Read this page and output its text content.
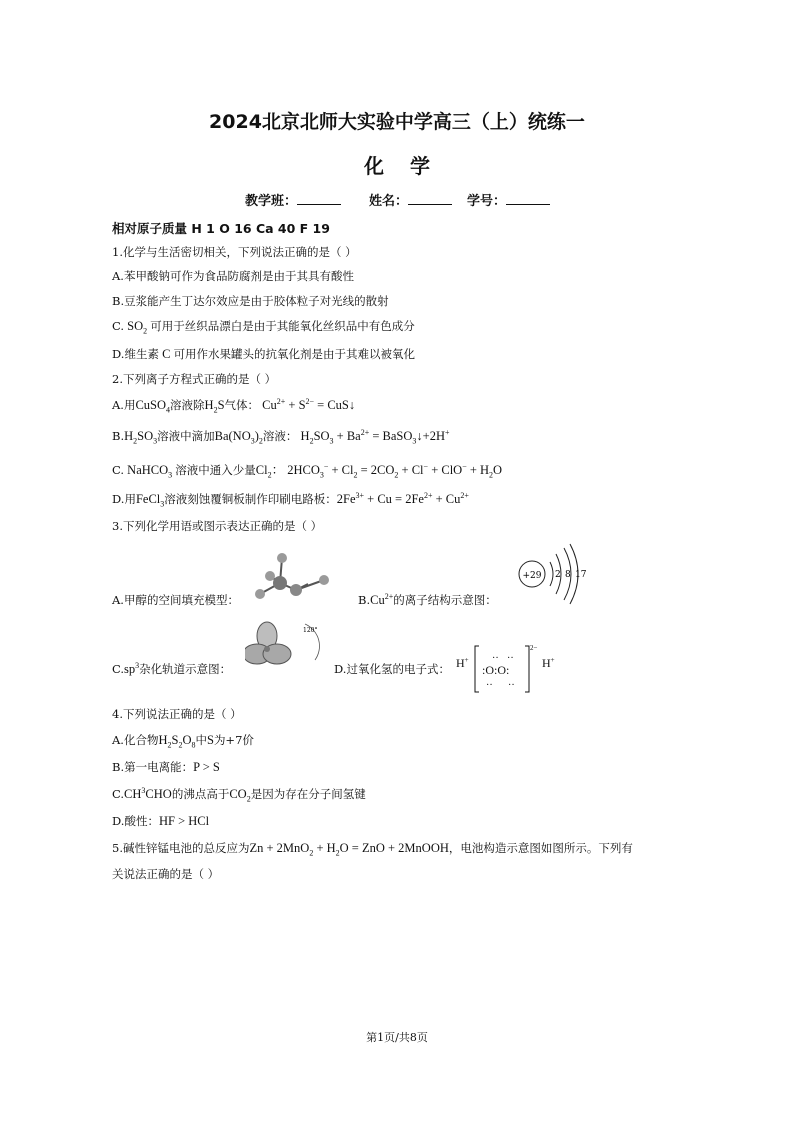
2024北京北师大实验中学高三（上）统练一
化学
教学班：	姓名：	学号：
相对原子质量 H 1 O 16 Ca 40 F 19
1.化学与生活密切相关，下列说法正确的是（ ）
A.苯甲酸钠可作为食品防腐剂是由于其具有酸性
B.豆浆能产生丁达尔效应是由于胶体粒子对光线的散射
C. $SO_2$ 可用于丝织品漂白是由于其能氧化丝织品中有色成分
D.维生素 C 可用作水果罐头的抗氧化剂是由于其难以被氧化
2.下列离子方程式正确的是（ ）
A.用CuSO$_4$溶液除$H_2S$气体： $Cu^{2+} + S^{2-}$ = CuS↓
$B.H_2SO_3$溶液中滴加$Ba(NO_3)_2$溶液： $H_2SO_3 + Ba^{2+}$ = BaSO$_3$↓+2H+
C. NaHCO$_3$ 溶液中通入少量$Cl_2$： $2HCO_3^- + Cl_2 = 2CO_2 + Cl^- + ClO^- + H_2O$
D.用FeCl$_3$溶液刻蚀覆铜板制作印刷电路板：$2Fe^{3+} + Cu = 2Fe^{2+} + Cu^{2+}$
3.下列化学用语或图示表达正确的是（ ）
A.甲醇的空间填充模型：
+29 2 8 17
$B.Cu^{2+}$的离子结构示意图：
120°
$C.sp^3$杂化轨道示意图：	D.过氧化氢的电子式： H+
:O:O:
·· ··
·· ··
H+
2−
4.下列说法正确的是（ ）
A.化合物$H_2S_2O_8$中S为+7价
B.第一电离能：P > S
$C.CH^3CHO$的沸点高于$CO_2$是因为存在分子间氢键
D.酸性：HF > HCl
5.碱性锌锰电池的总反应为$Zn + 2MnO_2 + H_2O$ = ZnO + 2MnOOH，电池构造示意图如图所示。下列有
关说法正确的是（ ）
第1页/共8页
